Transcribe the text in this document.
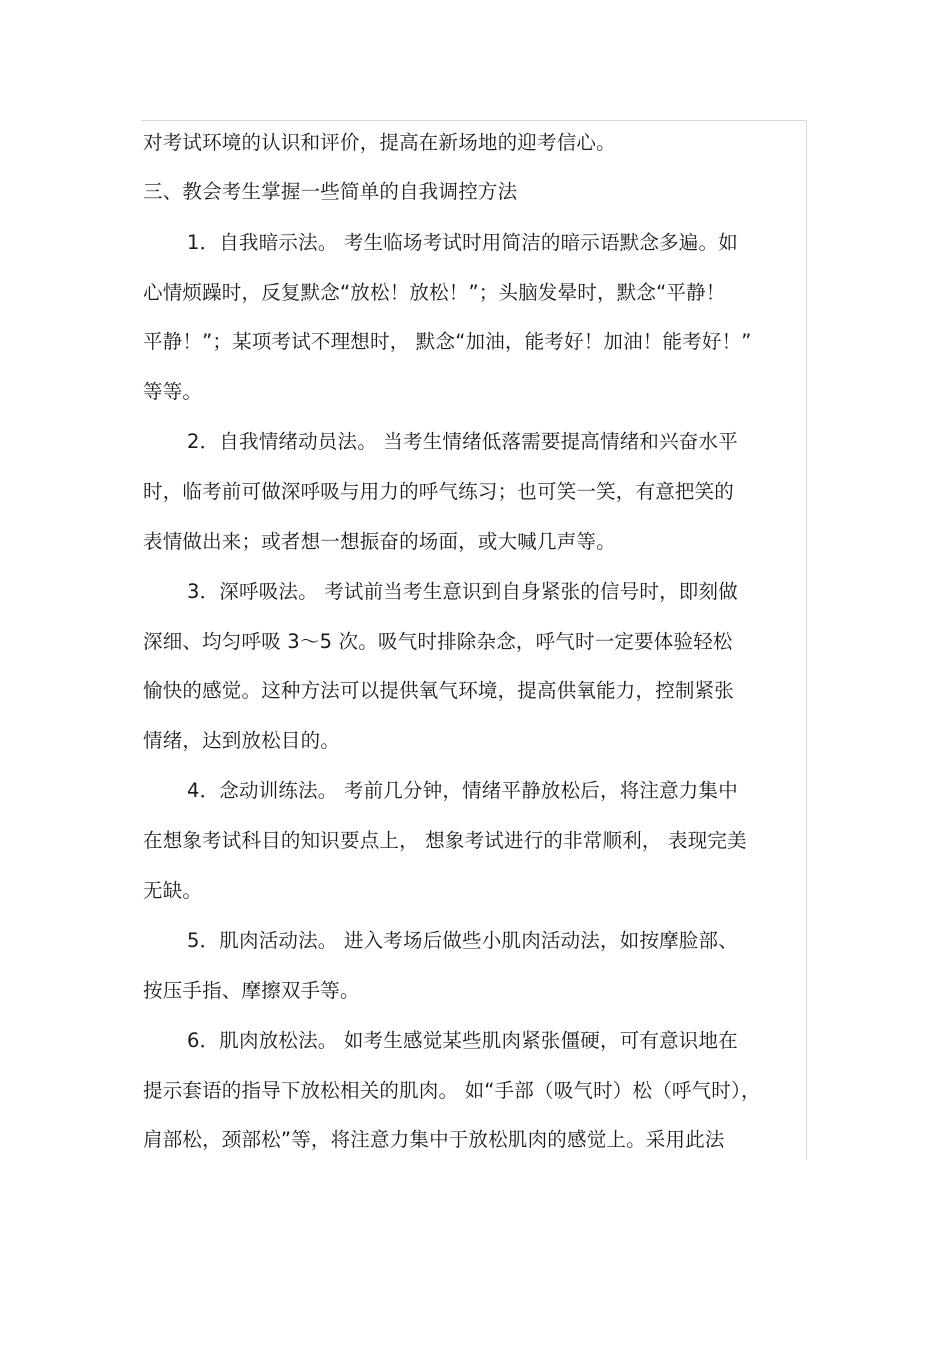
对考试环境的认识和评价，提高在新场地的迎考信心。
三、教会考生掌握一些简单的自我调控方法
1．自我暗示法。 考生临场考试时用简洁的暗示语默念多遍。如
心情烦躁时，反复默念“放松！放松！”；头脑发晕时，默念“平静！
平静！”；某项考试不理想时， 默念“加油，能考好！加油！能考好！”
等等。
2．自我情绪动员法。 当考生情绪低落需要提高情绪和兴奋水平
时，临考前可做深呼吸与用力的呼气练习；也可笑一笑，有意把笑的
表情做出来；或者想一想振奋的场面，或大喊几声等。
3．深呼吸法。 考试前当考生意识到自身紧张的信号时，即刻做
深细、均匀呼吸 3～5 次。吸气时排除杂念，呼气时一定要体验轻松
愉快的感觉。这种方法可以提供氧气环境，提高供氧能力，控制紧张
情绪，达到放松目的。
4．念动训练法。 考前几分钟，情绪平静放松后，将注意力集中
在想象考试科目的知识要点上， 想象考试进行的非常顺利， 表现完美
无缺。
5．肌肉活动法。 进入考场后做些小肌肉活动法，如按摩脸部、
按压手指、摩擦双手等。
6．肌肉放松法。 如考生感觉某些肌肉紧张僵硬，可有意识地在
提示套语的指导下放松相关的肌肉。 如“手部（吸气时）松（呼气时），
肩部松，颈部松”等，将注意力集中于放松肌肉的感觉上。采用此法
